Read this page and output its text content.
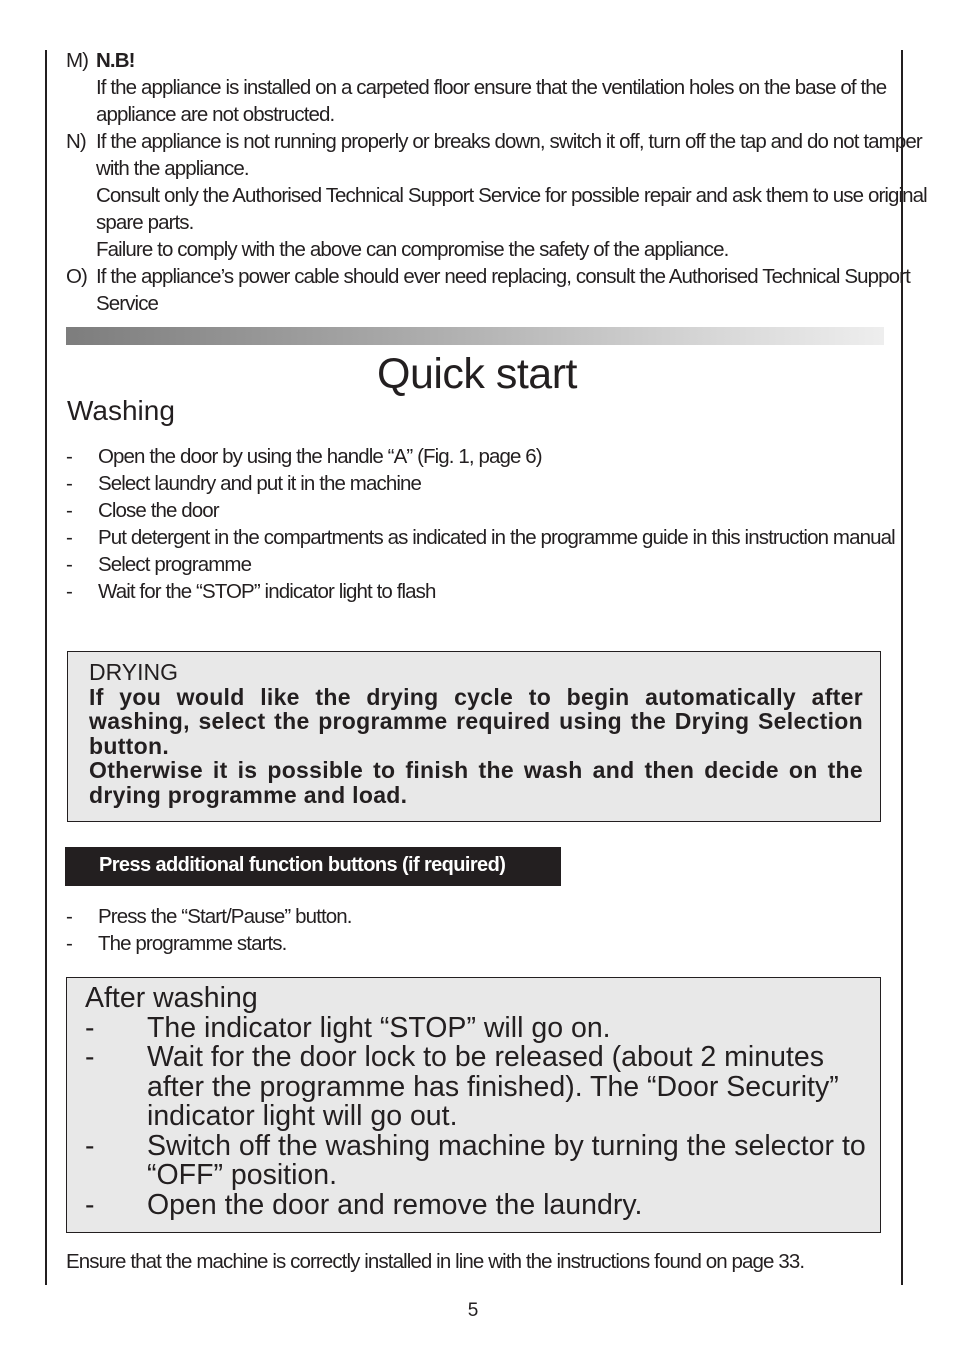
M) N.B!

If the appliance is installed on a carpeted floor ensure that the ventilation holes on the base of the appliance are not obstructed.

N) If the appliance is not running properly or breaks down, switch it off, turn off the tap and do not tamper with the appliance.

Consult only the Authorised Technical Support Service for possible repair and ask them to use original spare parts.

Failure to comply with the above can compromise the safety of the appliance.

O) If the appliance’s power cable should ever need replacing, consult the Authorised Technical Support Service

Quick start
Washing
-	Open the door by using the handle “A” (Fig. 1, page 6)
-	Select laundry and put it in the machine
-	Close the door
-	Put detergent in the compartments as indicated in the programme guide in this instruction manual
-	Select programme
-	Wait for the “STOP” indicator light to flash
DRYING
If you would like the drying cycle to begin automatically after washing, select the programme required using the Drying Selection button.
Otherwise it is possible to finish the wash and then decide on the drying programme and load.
Press additional function buttons (if required)
-	Press the “Start/Pause” button.
-	The programme starts.
After washing
-	The indicator light “STOP” will go on.
-	Wait for the door lock to be released (about 2 minutes after the programme has finished). The “Door Security” indicator light will go out.
-	Switch off the washing machine by turning the selector to “OFF” position.
-	Open the door and remove the laundry.
Ensure that the machine is correctly installed in line with the instructions found on page 33.
5
